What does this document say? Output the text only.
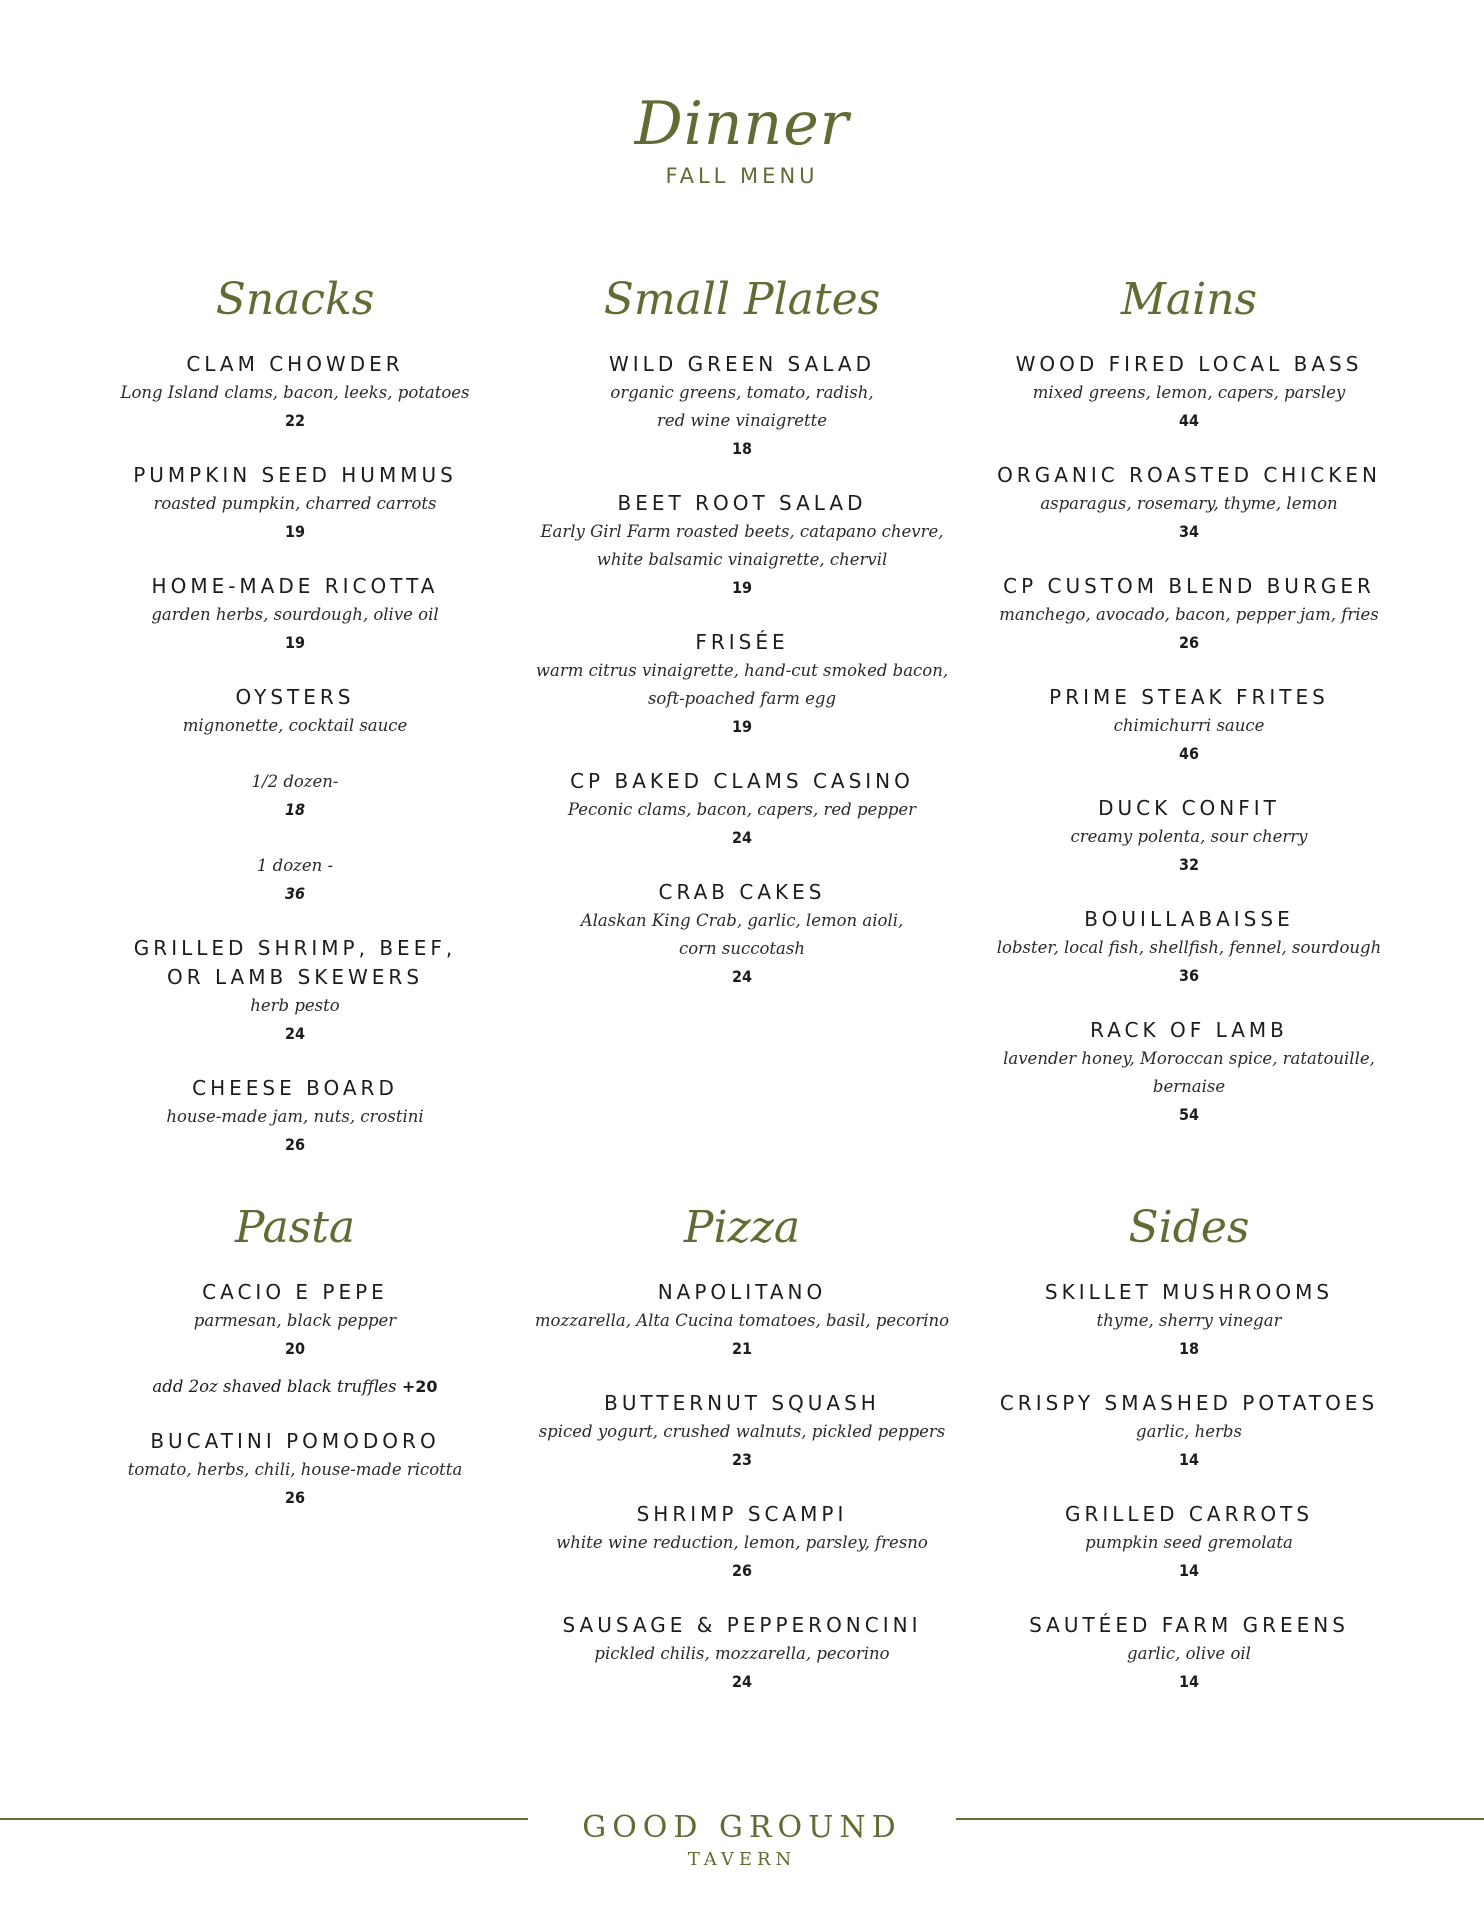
Dinner
FALL MENU
Snacks
CLAM CHOWDER
Long Island clams, bacon, leeks, potatoes
22
PUMPKIN SEED HUMMUS
roasted pumpkin, charred carrots
19
HOME-MADE RICOTTA
garden herbs, sourdough, olive oil
19
OYSTERS
mignonette, cocktail sauce

1/2 dozen-
18

1 dozen -
36

GRILLED SHRIMP, BEEF,
OR LAMB SKEWERS
herb pesto
24
CHEESE BOARD
house-made jam, nuts, crostini
26
Small Plates
WILD GREEN SALAD
organic greens, tomato, radish,
red wine vinaigrette
18
BEET ROOT SALAD
Early Girl Farm roasted beets, catapano chevre,
white balsamic vinaigrette, chervil
19
FRISÉE
warm citrus vinaigrette, hand-cut smoked bacon,
soft-poached farm egg
19
CP BAKED CLAMS CASINO
Peconic clams, bacon, capers, red pepper
24
CRAB CAKES
Alaskan King Crab, garlic, lemon aioli,
corn succotash
24
Mains
WOOD FIRED LOCAL BASS
mixed greens, lemon, capers, parsley
44
ORGANIC ROASTED CHICKEN
asparagus, rosemary, thyme, lemon
34
CP CUSTOM BLEND BURGER
manchego, avocado, bacon, pepper jam, fries
26
PRIME STEAK FRITES
chimichurri sauce
46
DUCK CONFIT
creamy polenta, sour cherry
32
BOUILLABAISSE
lobster, local fish, shellfish, fennel, sourdough
36
RACK OF LAMB
lavender honey, Moroccan spice, ratatouille, bernaise
54
Pasta
CACIO E PEPE
parmesan, black pepper
20
add 2oz shaved black truffles +20
BUCATINI POMODORO
tomato, herbs, chili, house-made ricotta
26
Pizza
NAPOLITANO
mozzarella, Alta Cucina tomatoes, basil, pecorino
21
BUTTERNUT SQUASH
spiced yogurt, crushed walnuts, pickled peppers
23
SHRIMP SCAMPI
white wine reduction, lemon, parsley, fresno
26
SAUSAGE & PEPPERONCINI
pickled chilis, mozzarella, pecorino
24
Sides
SKILLET MUSHROOMS
thyme, sherry vinegar
18
CRISPY SMASHED POTATOES
garlic, herbs
14
GRILLED CARROTS
pumpkin seed gremolata
14
SAUTÉED FARM GREENS
garlic, olive oil
14
GOOD GROUND
TAVERN
